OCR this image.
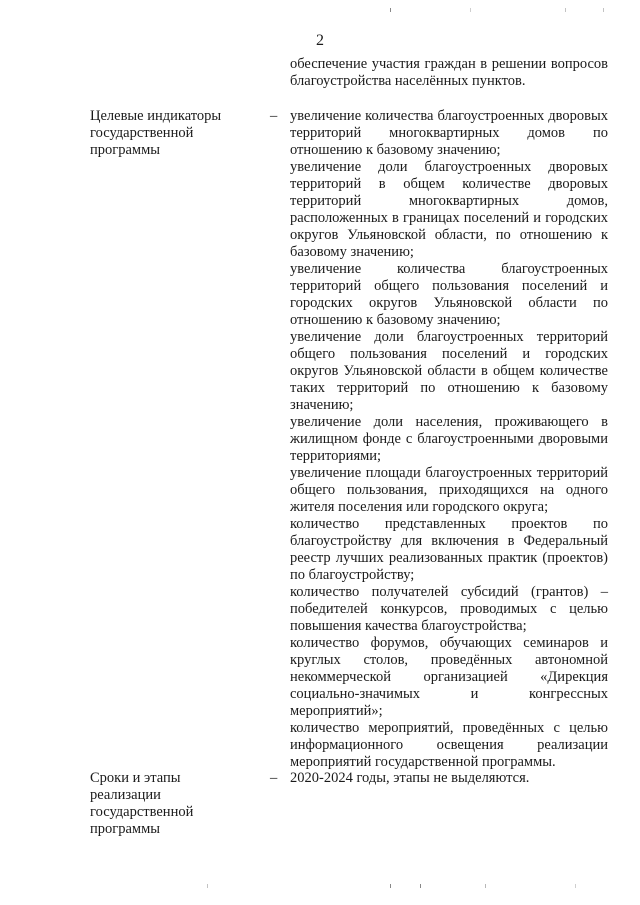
2
обеспечение участия граждан в решении вопросов благоустройства населённых пунктов.
Целевые индикаторы государственной программы
– увеличение количества благоустроенных дворовых территорий многоквартирных домов по отношению к базовому значению;

увеличение доли благоустроенных дворовых территорий в общем количестве дворовых территорий многоквартирных домов, расположенных в границах поселений и городских округов Ульяновской области, по отношению к базовому значению;

увеличение количества благоустроенных территорий общего пользования поселений и городских округов Ульяновской области по отношению к базовому значению;

увеличение доли благоустроенных территорий общего пользования поселений и городских округов Ульяновской области в общем количестве таких территорий по отношению к базовому значению;

увеличение доли населения, проживающего в жилищном фонде с благоустроенными дворовыми территориями;

увеличение площади благоустроенных территорий общего пользования, приходящихся на одного жителя поселения или городского округа;

количество представленных проектов по благоустройству для включения в Федеральный реестр лучших реализованных практик (проектов) по благоустройству;

количество получателей субсидий (грантов) – победителей конкурсов, проводимых с целью повышения качества благоустройства;

количество форумов, обучающих семинаров и круглых столов, проведённых автономной некоммерческой организацией «Дирекция социально-значимых и конгрессных мероприятий»;

количество мероприятий, проведённых с целью информационного освещения реализации мероприятий государственной программы.

Сроки и этапы реализации государственной программы
– 2020-2024 годы, этапы не выделяются.
